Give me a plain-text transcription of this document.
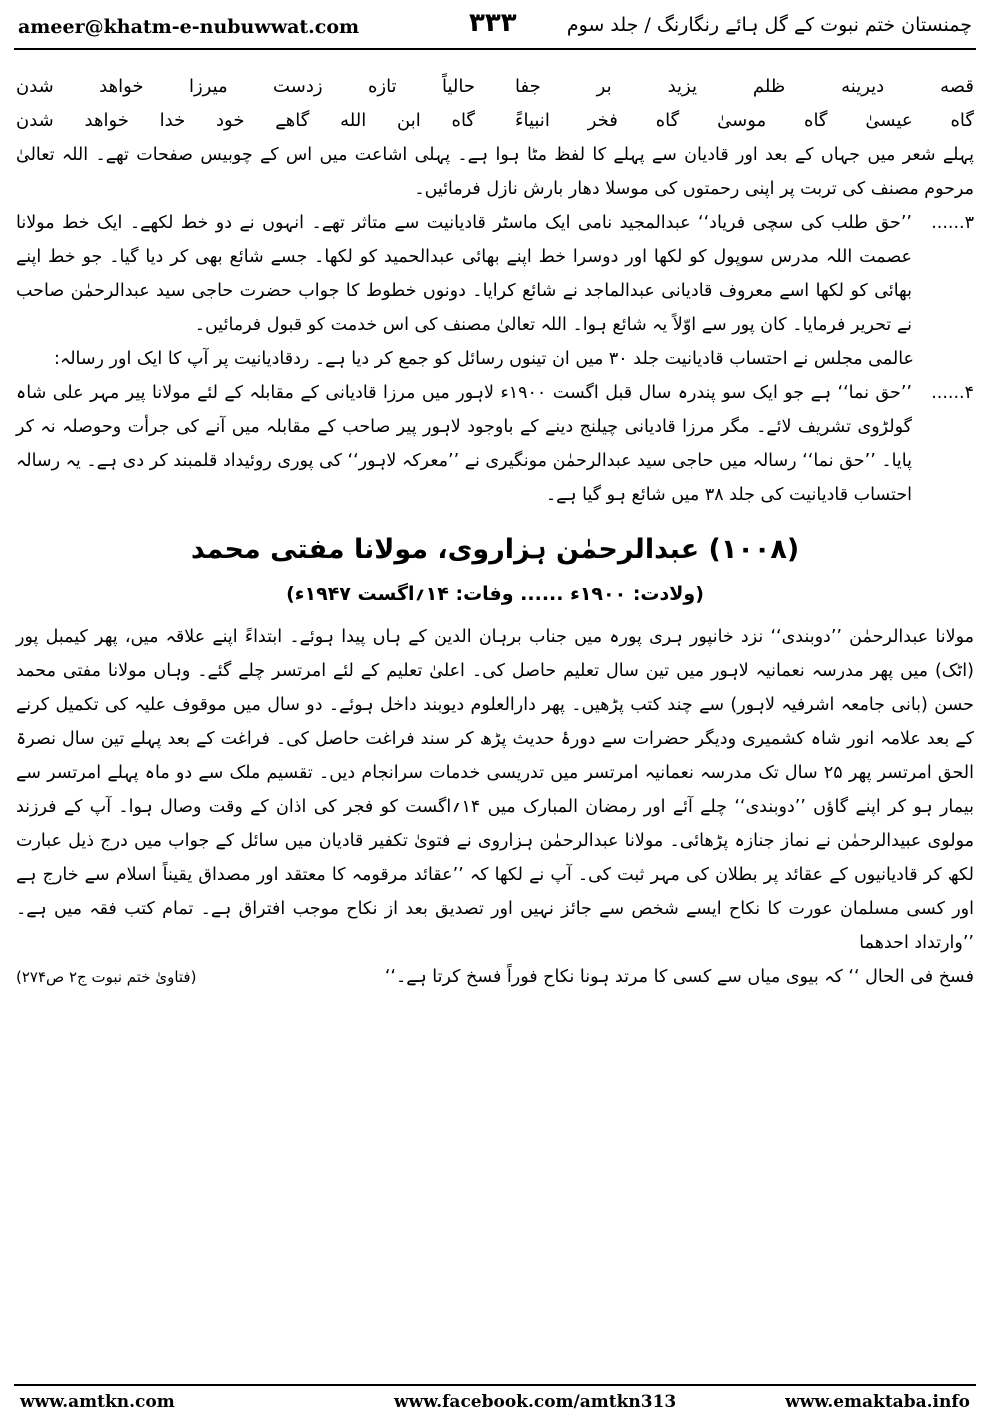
ameer@khatm-e-nubuwwat.com	۳۳۳	چمنستان ختم نبوت کے گل ہائے رنگارنگ / جلد سوم
قصه دیرینه ظلم یزید بر جفا
حالیاً تازه زدست میرزا خواهد شدن
گاه عیسیٰ گاه موسیٰ گاه فخر انبیاءً
گاه ابن الله گاهے خود خدا خواهد شدن

پہلے شعر میں جہاں کے بعد اور قادیان سے پہلے کا لفظ مٹا ہوا ہے۔ پہلی اشاعت میں اس کے چوبیس صفحات تھے۔ اللہ تعالیٰ مرحوم مصنف کی تربت پر اپنی رحمتوں کی موسلا دھار بارش نازل فرمائیں۔

۳......
’’حق طلب کی سچی فریاد‘‘ عبدالمجید نامی ایک ماسٹر قادیانیت سے متاثر تھے۔ انہوں نے دو خط لکھے۔ ایک خط مولانا عصمت اللہ مدرس سوپول کو لکھا اور دوسرا خط اپنے بھائی عبدالحمید کو لکھا۔ جسے شائع بھی کر دیا گیا۔ جو خط اپنے بھائی کو لکھا اسے معروف قادیانی عبدالماجد نے شائع کرایا۔ دونوں خطوط کا جواب حضرت حاجی سید عبدالرحمٰن صاحب نے تحریر فرمایا۔ کان پور سے اوّلاً یہ شائع ہوا۔ اللہ تعالیٰ مصنف کی اس خدمت کو قبول فرمائیں۔

عالمی مجلس نے احتساب قادیانیت جلد ۳۰ میں ان تینوں رسائل کو جمع کر دیا ہے۔ ردقادیانیت پر آپ کا ایک اور رسالہ:

۴......
’’حق نما‘‘ ہے جو ایک سو پندرہ سال قبل اگست ۱۹۰۰ء لاہور میں مرزا قادیانی کے مقابلہ کے لئے مولانا پیر مہر علی شاہ گولڑوی تشریف لائے۔ مگر مرزا قادیانی چیلنج دینے کے باوجود لاہور پیر صاحب کے مقابلہ میں آنے کی جرأت وحوصلہ نہ کر پایا۔ ’’حق نما‘‘ رسالہ میں حاجی سید عبدالرحمٰن مونگیری نے ’’معرکہ لاہور‘‘ کی پوری روئیداد قلمبند کر دی ہے۔ یہ رسالہ احتساب قادیانیت کی جلد ۳۸ میں شائع ہو گیا ہے۔
(۱۰۰۸) عبدالرحمٰن ہزاروی، مولانا مفتی محمد
(ولادت: ۱۹۰۰ء ...... وفات: ۱۴؍اگست ۱۹۴۷ء)

مولانا عبدالرحمٰن ’’دوبندی‘‘ نزد خانپور ہری پورہ میں جناب برہان الدین کے ہاں پیدا ہوئے۔ ابتداءً اپنے علاقہ میں، پھر کیمبل پور (اٹک) میں پھر مدرسہ نعمانیہ لاہور میں تین سال تعلیم حاصل کی۔ اعلیٰ تعلیم کے لئے امرتسر چلے گئے۔ وہاں مولانا مفتی محمد حسن (بانی جامعہ اشرفیہ لاہور) سے چند کتب پڑھیں۔ پھر دارالعلوم دیوبند داخل ہوئے۔ دو سال میں موقوف علیہ کی تکمیل کرنے کے بعد علامہ انور شاہ کشمیری ودیگر حضرات سے دورۂ حدیث پڑھ کر سند فراغت حاصل کی۔ فراغت کے بعد پہلے تین سال نصرۃ الحق امرتسر پھر ۲۵ سال تک مدرسہ نعمانیہ امرتسر میں تدریسی خدمات سرانجام دیں۔ تقسیم ملک سے دو ماہ پہلے امرتسر سے بیمار ہو کر اپنے گاؤں ’’دوبندی‘‘ چلے آئے اور رمضان المبارک میں ۱۴؍اگست کو فجر کی اذان کے وقت وصال ہوا۔ آپ کے فرزند مولوی عبیدالرحمٰن نے نماز جنازہ پڑھائی۔ مولانا عبدالرحمٰن ہزاروی نے فتویٰ تکفیر قادیان میں سائل کے جواب میں درج ذیل عبارت لکھ کر قادیانیوں کے عقائد پر بطلان کی مہر ثبت کی۔ آپ نے لکھا کہ ’’عقائد مرقومہ کا معتقد اور مصداق یقیناً اسلام سے خارج ہے اور کسی مسلمان عورت کا نکاح ایسے شخص سے جائز نہیں اور تصدیق بعد از نکاح موجب افتراق ہے۔ تمام کتب فقہ میں ہے۔ ’’وارتداد احدھما

فسخ فی الحال ‘‘ کہ بیوی میاں سے کسی کا مرتد ہونا نکاح فوراً فسخ کرتا ہے۔‘‘
(فتاویٰ ختم نبوت ج۲ ص۲۷۴)
www.amtkn.com	www.facebook.com/amtkn313	www.emaktaba.info
